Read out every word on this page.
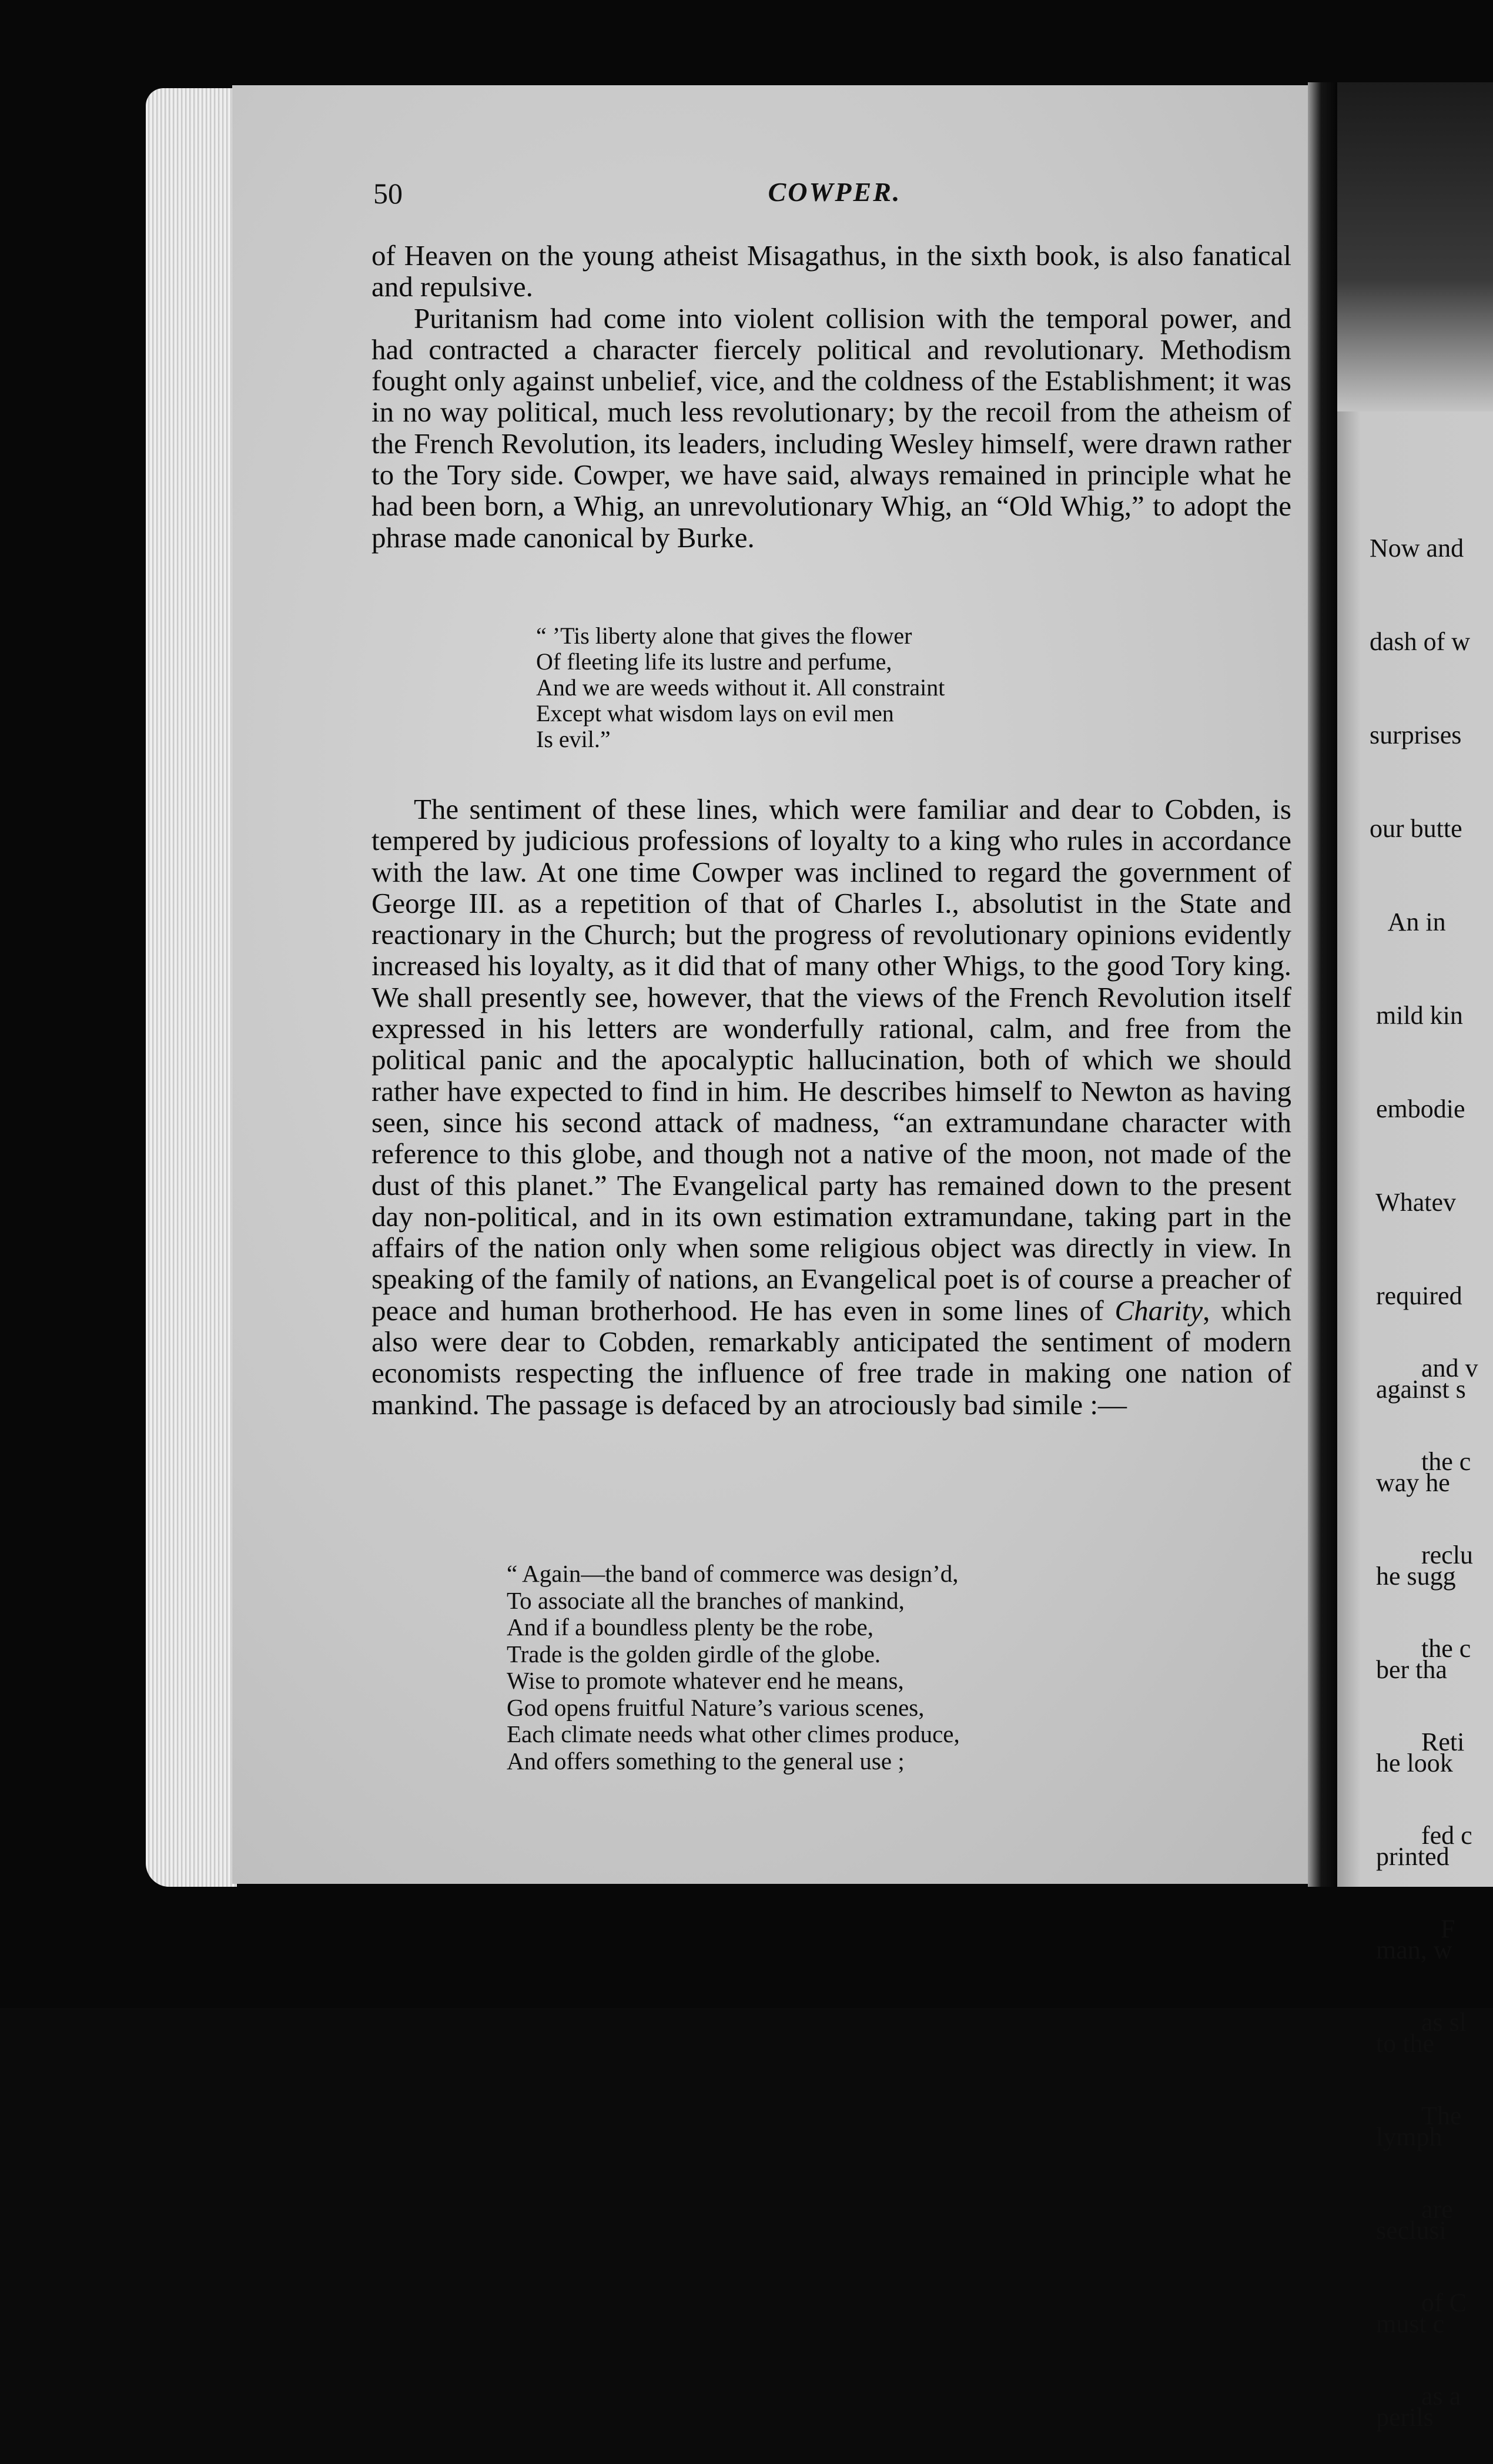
50	COWPER.

of Heaven on the young atheist Misagathus, in the sixth book, is also fanatical and repulsive.

Puritanism had come into violent collision with the temporal power, and had contracted a character fiercely political and revolutionary. Methodism fought only against unbelief, vice, and the coldness of the Establishment; it was in no way political, much less revolutionary; by the recoil from the atheism of the French Revolution, its leaders, including Wesley himself, were drawn rather to the Tory side. Cowper, we have said, always remained in principle what he had been born, a Whig, an unrevolutionary Whig, an “Old Whig,” to adopt the phrase made canonical by Burke.

“ ’Tis liberty alone that gives the flower
Of fleeting life its lustre and perfume,
And we are weeds without it. All constraint
Except what wisdom lays on evil men
Is evil.”

The sentiment of these lines, which were familiar and dear to Cobden, is tempered by judicious professions of loyalty to a king who rules in accordance with the law. At one time Cowper was inclined to regard the government of George III. as a repetition of that of Charles I., absolutist in the State and reactionary in the Church; but the progress of revolutionary opinions evidently increased his loyalty, as it did that of many other Whigs, to the good Tory king. We shall presently see, however, that the views of the French Revolution itself expressed in his letters are wonderfully rational, calm, and free from the political panic and the apocalyptic hallucination, both of which we should rather have expected to find in him. He describes himself to Newton as having seen, since his second attack of madness, “an extramundane character with reference to this globe, and though not a native of the moon, not made of the dust of this planet.” The Evangelical party has remained down to the present day non-political, and in its own estimation extramundane, taking part in the affairs of the nation only when some religious object was directly in view. In speaking of the family of nations, an Evangelical poet is of course a preacher of peace and human brotherhood. He has even in some lines of Charity, which also were dear to Cobden, remarkably anticipated the sentiment of modern economists respecting the influence of free trade in making one nation of mankind. The passage is defaced by an atrociously bad simile :—

“ Again—the band of commerce was design’d,
To associate all the branches of mankind,
And if a boundless plenty be the robe,
Trade is the golden girdle of the globe.
Wise to promote whatever end he means,
God opens fruitful Nature’s various scenes,
Each climate needs what other climes produce,
And offers something to the general use ;

Now and

dash of w

surprises

our butte

An in

mild kin

embodie

Whatev

required

against s

way he

he sugg

ber tha

he look

printed

man, w

to the

lymph

seclusi

must c

perils

and v

the c

reclu

the c

Reti

fed c

F

as sl

The

are

of C

as a
